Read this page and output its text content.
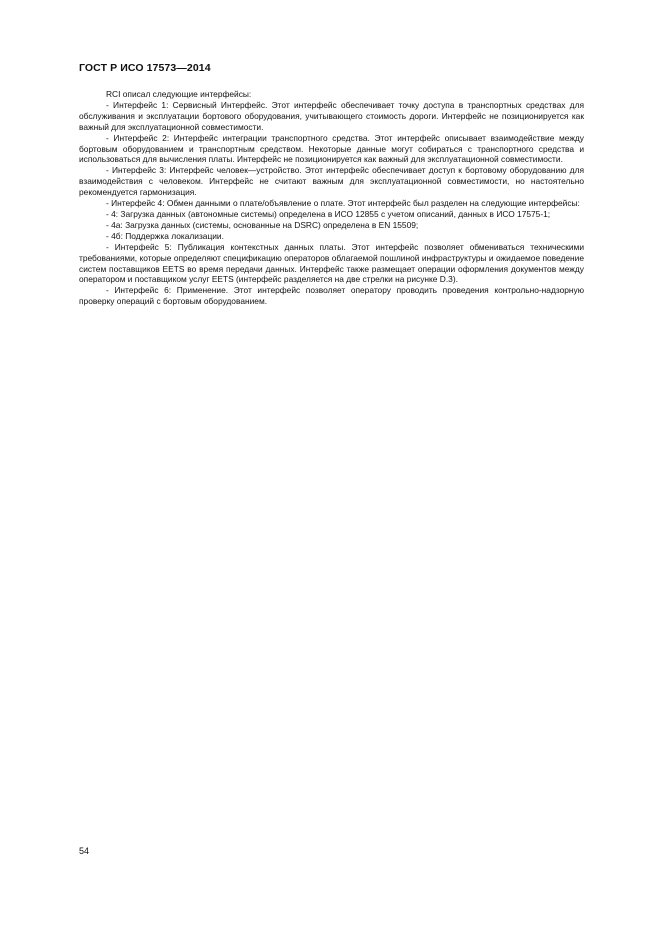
ГОСТ Р ИСО 17573—2014

RCI описал следующие интерфейсы:

- Интерфейс 1: Сервисный Интерфейс. Этот интерфейс обеспечивает точку доступа в транспортных средствах для обслуживания и эксплуатации бортового оборудования, учитывающего стоимость дороги. Интерфейс не позиционируется как важный для эксплуатационной совместимости.

- Интерфейс 2: Интерфейс интеграции транспортного средства. Этот интерфейс описывает взаимодействие между бортовым оборудованием и транспортным средством. Некоторые данные могут собираться с транспортного средства и использоваться для вычисления платы. Интерфейс не позиционируется как важный для эксплуатационной совместимости.

- Интерфейс 3: Интерфейс человек—устройство. Этот интерфейс обеспечивает доступ к бортовому оборудованию для взаимодействия с человеком. Интерфейс не считают важным для эксплуатационной совместимости, но настоятельно рекомендуется гармонизация.

- Интерфейс 4: Обмен данными о плате/объявление о плате. Этот интерфейс был разделен на следующие интерфейсы:

- 4: Загрузка данных (автономные системы) определена в ИСО 12855 с учетом описаний, данных в ИСО 17575-1;

- 4а: Загрузка данных (системы, основанные на DSRC) определена в EN 15509;

- 4б: Поддержка локализации.

- Интерфейс 5: Публикация контекстных данных платы. Этот интерфейс позволяет обмениваться техническими требованиями, которые определяют спецификацию операторов облагаемой пошлиной инфраструктуры и ожидаемое поведение систем поставщиков EETS во время передачи данных. Интерфейс также размещает операции оформления документов между оператором и поставщиком услуг EETS (интерфейс разделяется на две стрелки на рисунке D.3).

- Интерфейс 6: Применение. Этот интерфейс позволяет оператору проводить проведения контрольно-надзорную проверку операций с бортовым оборудованием.

54
